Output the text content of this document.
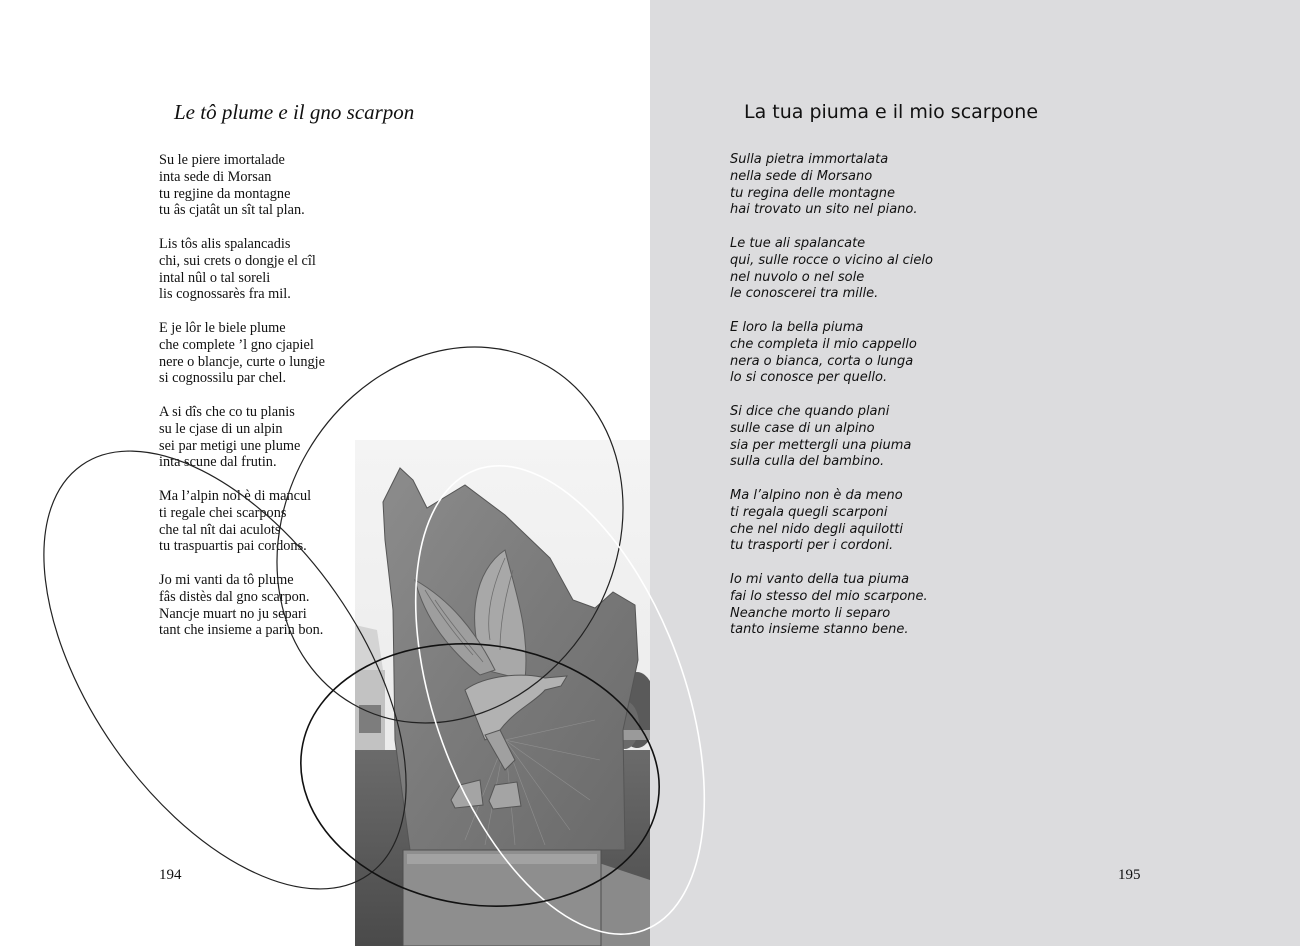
La tua piuma e il mio scarpone
Sulla pietra immortalata
nella sede di Morsano
tu regina delle montagne
hai trovato un sito nel piano.
Le tue ali spalancate
qui, sulle rocce o vicino al cielo
nel nuvolo o nel sole
le conoscerei tra mille.
E loro la bella piuma
che completa il mio cappello
nera o bianca, corta o lunga
lo si conosce per quello.
Si dice che quando plani
sulle case di un alpino
sia per mettergli una piuma
sulla culla del bambino.
Ma l’alpino non è da meno
ti regala quegli scarponi
che nel nido degli aquilotti
tu trasporti per i cordoni.
Io mi vanto della tua piuma
fai lo stesso del mio scarpone.
Neanche morto li separo
tanto insieme stanno bene.
195
Le tô plume e il gno scarpon
Su le piere imortalade
inta sede di Morsan
tu regjine da montagne
tu âs cjatât un sît tal plan.
Lis tôs alis spalancadis
chi, sui crets o dongje el cîl
intal nûl o tal soreli
lis cognossarès fra mil.
E je lôr le biele plume
che complete ’l gno cjapiel
nere o blancje, curte o lungje
si cognossilu par chel.
A si dîs che co tu planis
su le cjase di un alpin
sei par metigi une plume
inta scune dal frutin.
Ma l’alpin nol è di mancul
ti regale chei scarpons
che tal nît dai aculots
tu traspuartis pai cordons.
Jo mi vanti da tô plume
fâs distès dal gno scarpon.
Nancje muart no ju separi
tant che insieme a parin bon.
194
